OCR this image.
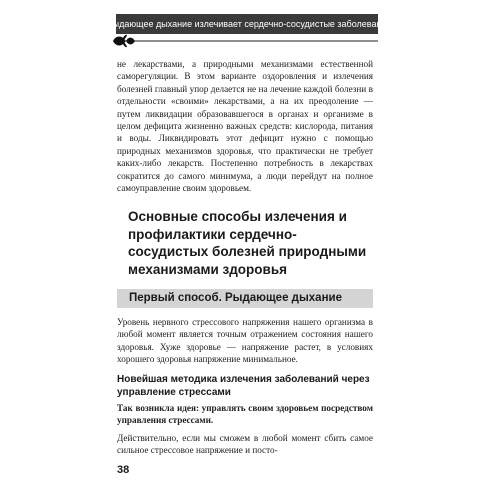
Рыдающее дыхание излечивает сердечно-сосудистые заболевания

не лекарствами, а природными механизмами естественной саморегуляции. В этом варианте оздоровления и излечения болезней главный упор делается не на лечение каждой болезни в отдельности «своими» лекарствами, а на их преодоление — путем ликвидации образовавшегося в органах и организме в целом дефицита жизненно важных средств: кислорода, питания и воды. Ликвидировать этот дефицит нужно с помощью природных механизмов здоровья, что практически не требует каких-либо лекарств. Постепенно потребность в лекарствах сократится до самого минимума, а люди перейдут на полное самоуправление своим здоровьем.

Основные способы излечения и профилактики сердечно-сосудистых болезней природными механизмами здоровья
Первый способ. Рыдающее дыхание

Уровень нервного стрессового напряжения нашего организма в любой момент является точным отражением состояния нашего здоровья. Хуже здоровье — напряжение растет, в условиях хорошего здоровья напряжение минимальное.

Новейшая методика излечения заболеваний через управление стрессами

Так возникла идея: управлять своим здоровьем посредством управления стрессами.

Действительно, если мы сможем в любой момент сбить самое сильное стрессовое напряжение и посто-

38
